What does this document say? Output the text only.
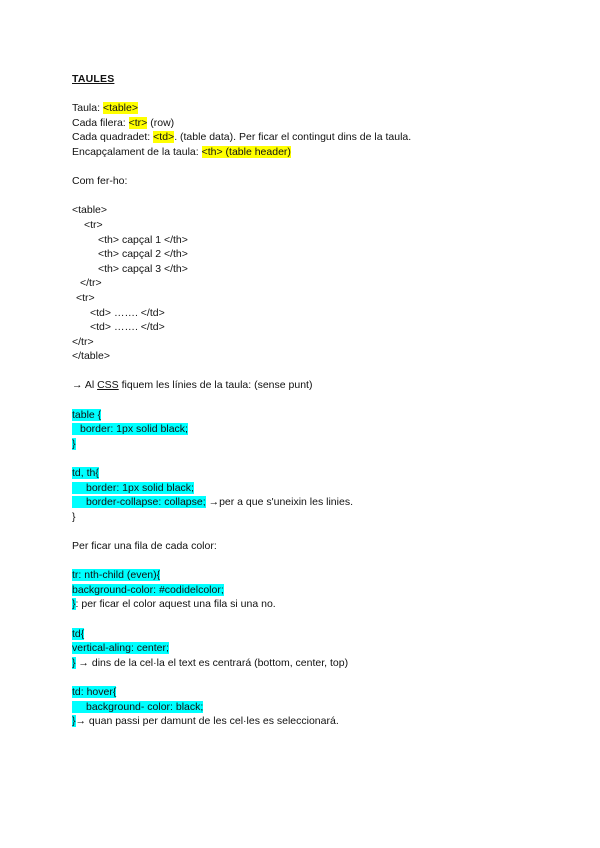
TAULES
Taula: <table>
Cada filera: <tr> (row)
Cada quadradet: <td>. (table data). Per ficar el contingut dins de la taula.
Encapçalament de la taula: <th> (table header)
Com fer-ho:
<table>
<tr>
<th> capçal 1 </th>
<th> capçal 2 </th>
<th> capçal 3 </th>
</tr>
<tr>
<td> ……. </td>
<td> ……. </td>
</tr>
</table>
→ Al CSS fiquem les línies de la taula: (sense punt)
table {
border: 1px solid black;
}
td, th{
border: 1px solid black;
border-collapse: collapse; →per a que s'uneixin les linies.
}
Per ficar una fila de cada color:
tr: nth-child (even){
background-color: #codidelcolor;
}: per ficar el color aquest una fila si una no.
td{
vertical-aling: center;
} → dins de la cel·la el text es centrará (bottom, center, top)
td: hover{
background- color: black;
}→ quan passi per damunt de les cel·les es seleccionará.
